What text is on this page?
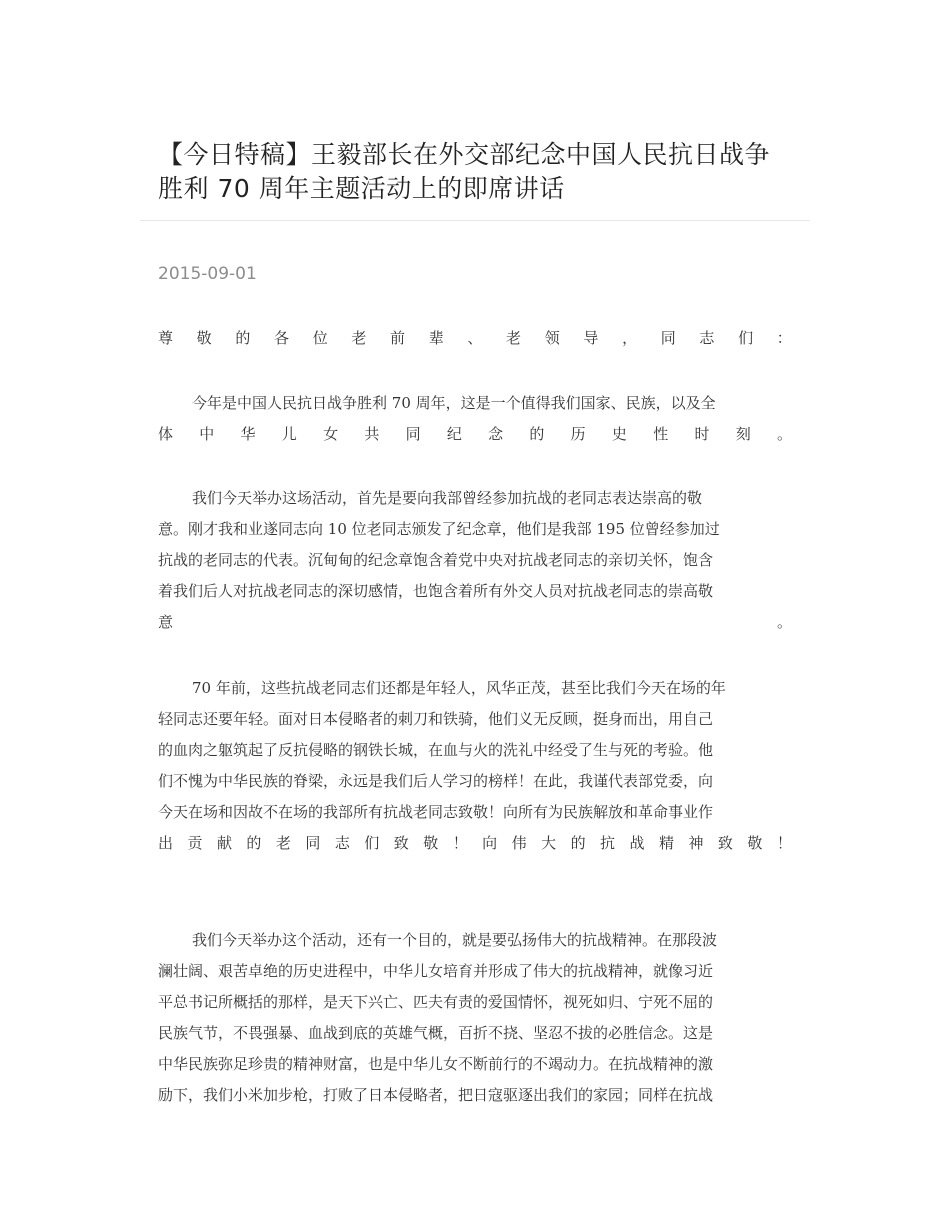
【今日特稿】王毅部长在外交部纪念中国人民抗日战争
胜利 70 周年主题活动上的即席讲话
2015-09-01
尊 敬 的 各 位 老 前 辈 、 老 领 导 ， 同 志 们 ：
今年是中国人民抗日战争胜利 70 周年，这是一个值得我们国家、民族，以及全
体 中 华 儿 女 共 同 纪 念 的 历 史 性 时 刻 。
我们今天举办这场活动，首先是要向我部曾经参加抗战的老同志表达崇高的敬
意。刚才我和业遂同志向 10 位老同志颁发了纪念章，他们是我部 195 位曾经参加过
抗战的老同志的代表。沉甸甸的纪念章饱含着党中央对抗战老同志的亲切关怀，饱含
着我们后人对抗战老同志的深切感情，也饱含着所有外交人员对抗战老同志的崇高敬
意	。
70 年前，这些抗战老同志们还都是年轻人，风华正茂，甚至比我们今天在场的年
轻同志还要年轻。面对日本侵略者的刺刀和铁骑，他们义无反顾，挺身而出，用自己
的血肉之躯筑起了反抗侵略的钢铁长城，在血与火的洗礼中经受了生与死的考验。他
们不愧为中华民族的脊梁，永远是我们后人学习的榜样！在此，我谨代表部党委，向
今天在场和因故不在场的我部所有抗战老同志致敬！向所有为民族解放和革命事业作
出 贡 献 的 老 同 志 们 致 敬 ！ 向 伟 大 的 抗 战 精 神 致 敬 ！
我们今天举办这个活动，还有一个目的，就是要弘扬伟大的抗战精神。在那段波
澜壮阔、艰苦卓绝的历史进程中，中华儿女培育并形成了伟大的抗战精神，就像习近
平总书记所概括的那样，是天下兴亡、匹夫有责的爱国情怀，视死如归、宁死不屈的
民族气节，不畏强暴、血战到底的英雄气概，百折不挠、坚忍不拔的必胜信念。这是
中华民族弥足珍贵的精神财富，也是中华儿女不断前行的不竭动力。在抗战精神的激
励下，我们小米加步枪，打败了日本侵略者，把日寇驱逐出我们的家园；同样在抗战
